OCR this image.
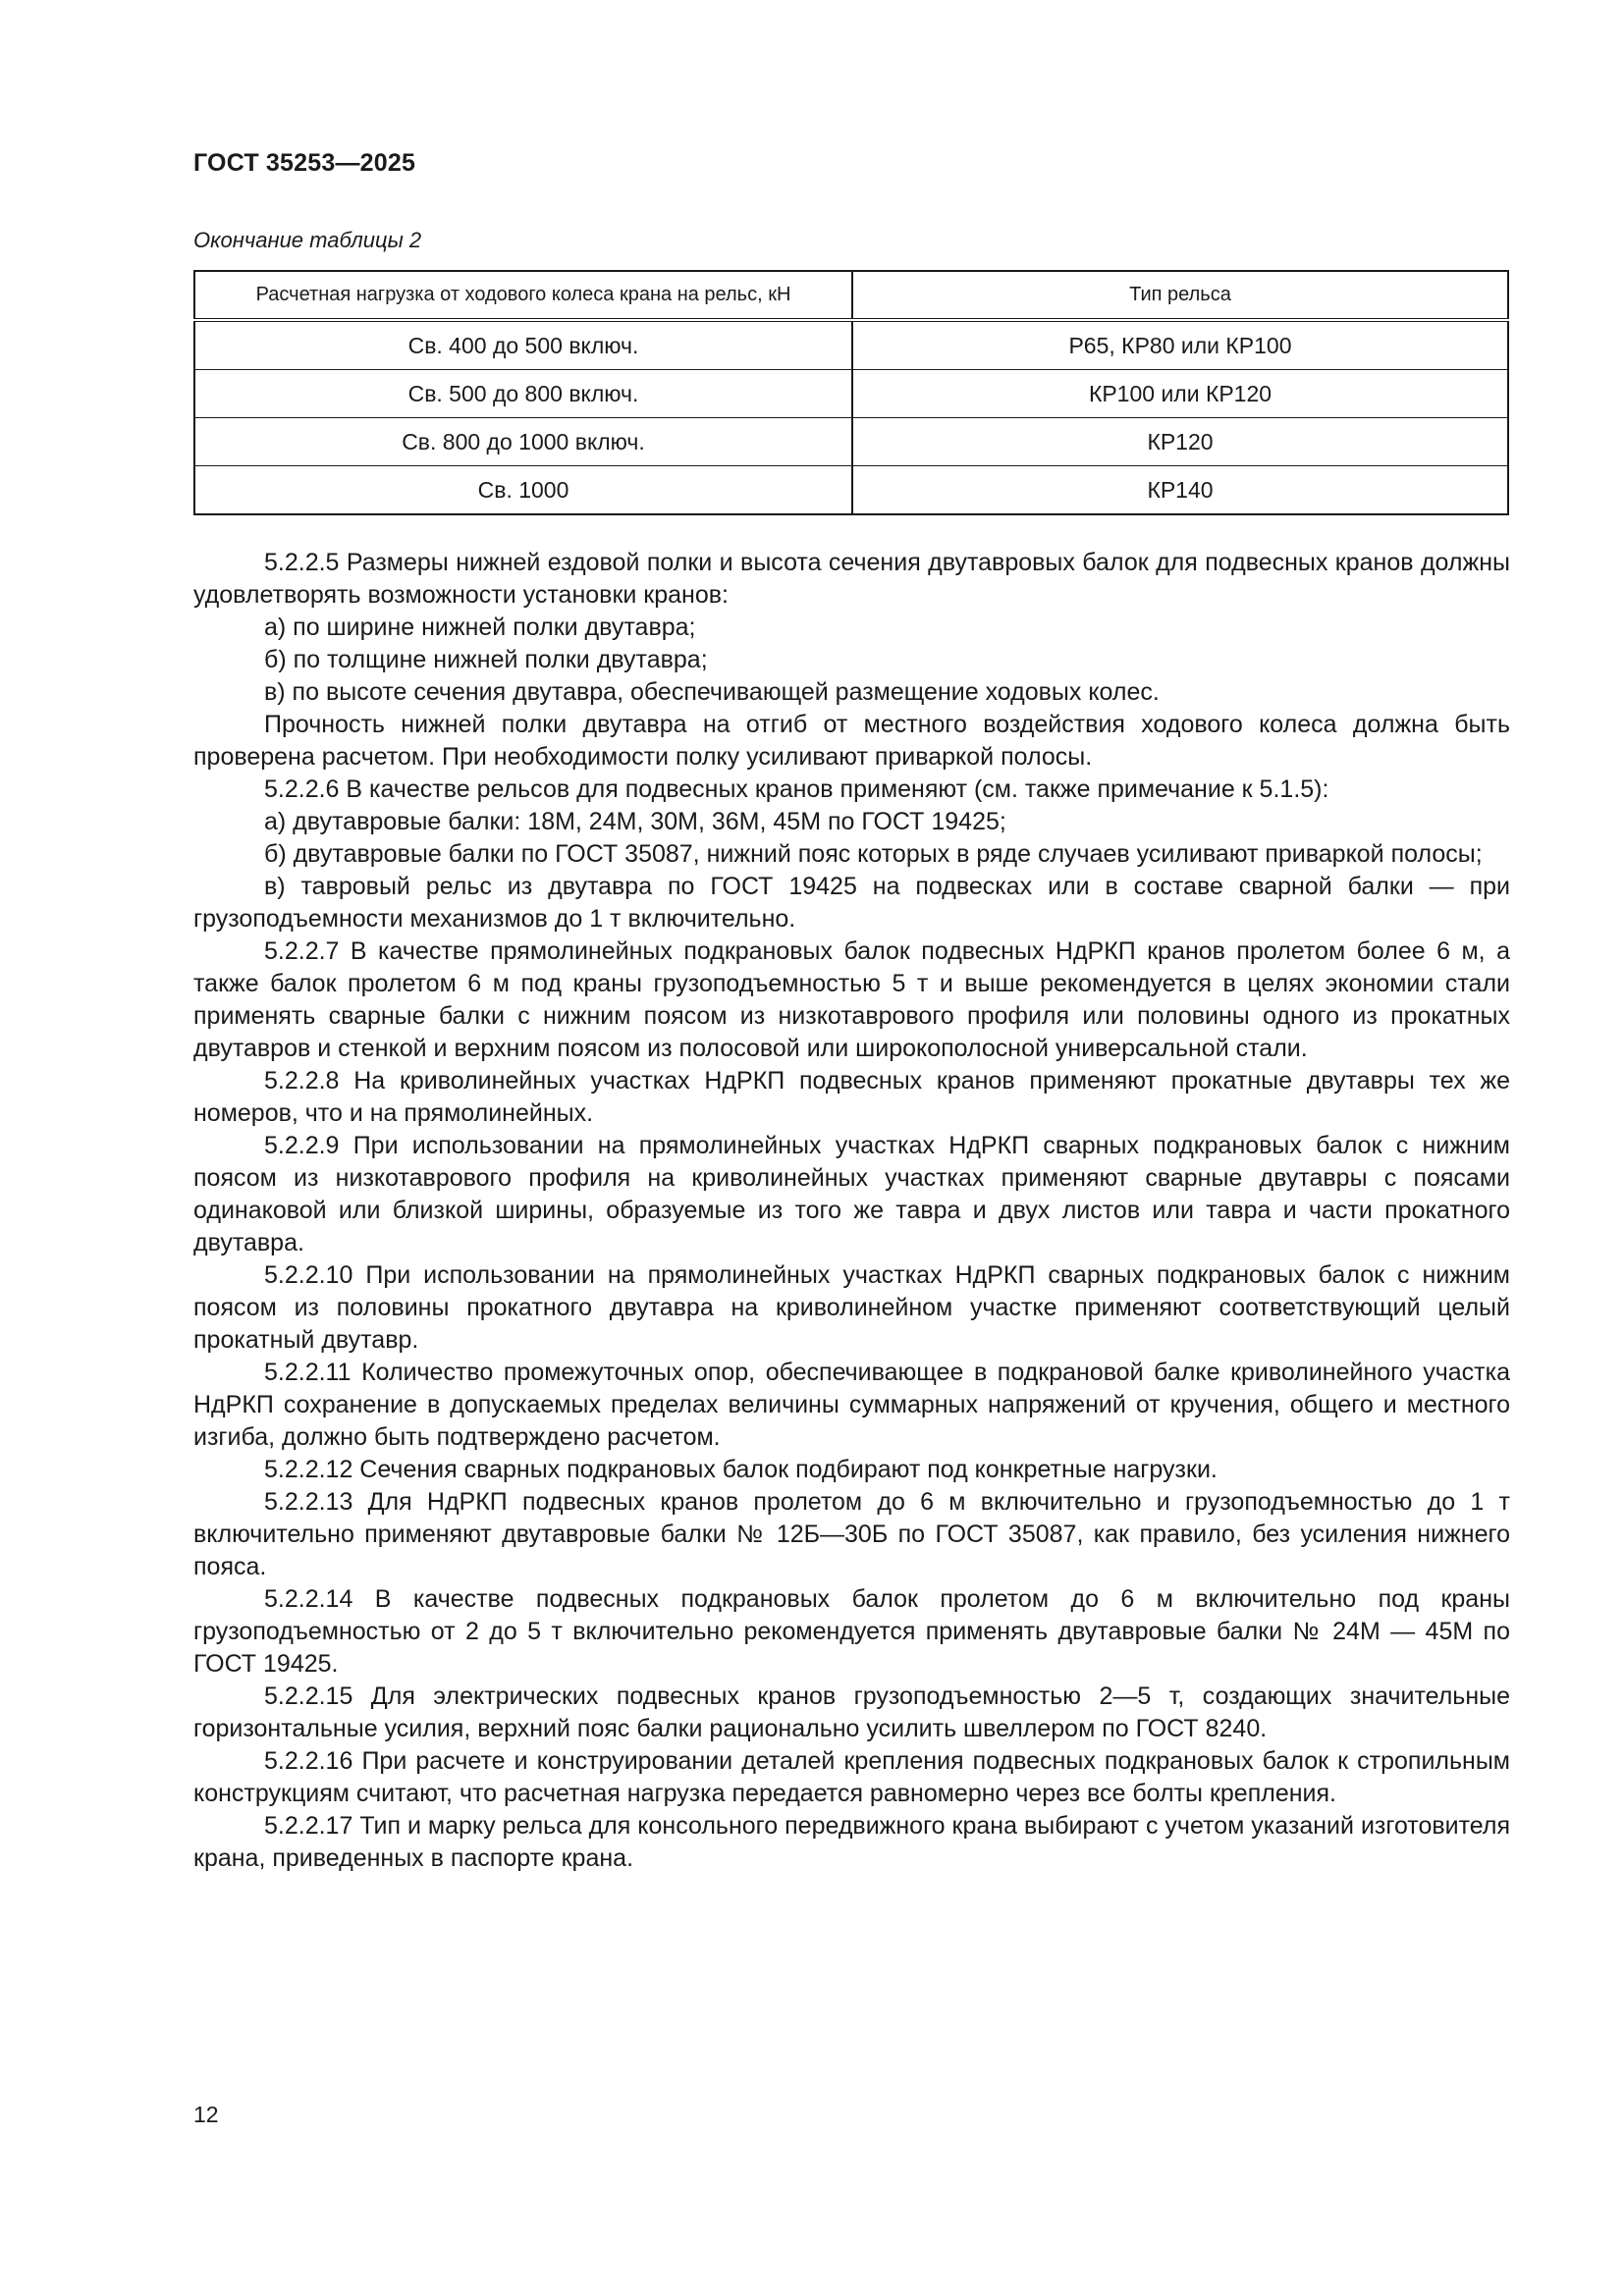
ГОСТ 35253—2025
Окончание таблицы 2
Расчетная нагрузка от ходового колеса крана на рельс, кН	Тип рельса
Св. 400 до 500 включ.	Р65, КР80 или КР100
Св. 500 до 800 включ.	КР100 или КР120
Св. 800 до 1000 включ.	КР120
Св. 1000	КР140

5.2.2.5 Размеры нижней ездовой полки и высота сечения двутавровых балок для подвесных кранов должны удовлетворять возможности установки кранов:

а) по ширине нижней полки двутавра;

б) по толщине нижней полки двутавра;

в) по высоте сечения двутавра, обеспечивающей размещение ходовых колес.

Прочность нижней полки двутавра на отгиб от местного воздействия ходового колеса должна быть проверена расчетом. При необходимости полку усиливают приваркой полосы.

5.2.2.6 В качестве рельсов для подвесных кранов применяют (см. также примечание к 5.1.5):

а) двутавровые балки: 18М, 24М, 30М, 36М, 45М по ГОСТ 19425;

б) двутавровые балки по ГОСТ 35087, нижний пояс которых в ряде случаев усиливают приваркой полосы;

в) тавровый рельс из двутавра по ГОСТ 19425 на подвесках или в составе сварной балки — при грузоподъемности механизмов до 1 т включительно.

5.2.2.7 В качестве прямолинейных подкрановых балок подвесных НдРКП кранов пролетом более 6 м, а также балок пролетом 6 м под краны грузоподъемностью 5 т и выше рекомендуется в целях экономии стали применять сварные балки с нижним поясом из низкотаврового профиля или половины одного из прокатных двутавров и стенкой и верхним поясом из полосовой или широкополосной универсальной стали.

5.2.2.8 На криволинейных участках НдРКП подвесных кранов применяют прокатные двутавры тех же номеров, что и на прямолинейных.

5.2.2.9 При использовании на прямолинейных участках НдРКП сварных подкрановых балок с нижним поясом из низкотаврового профиля на криволинейных участках применяют сварные двутавры с поясами одинаковой или близкой ширины, образуемые из того же тавра и двух листов или тавра и части прокатного двутавра.

5.2.2.10 При использовании на прямолинейных участках НдРКП сварных подкрановых балок с нижним поясом из половины прокатного двутавра на криволинейном участке применяют соответствующий целый прокатный двутавр.

5.2.2.11 Количество промежуточных опор, обеспечивающее в подкрановой балке криволинейного участка НдРКП сохранение в допускаемых пределах величины суммарных напряжений от кручения, общего и местного изгиба, должно быть подтверждено расчетом.

5.2.2.12 Сечения сварных подкрановых балок подбирают под конкретные нагрузки.

5.2.2.13 Для НдРКП подвесных кранов пролетом до 6 м включительно и грузоподъемностью до 1 т включительно применяют двутавровые балки № 12Б—30Б по ГОСТ 35087, как правило, без усиления нижнего пояса.

5.2.2.14 В качестве подвесных подкрановых балок пролетом до 6 м включительно под краны грузоподъемностью от 2 до 5 т включительно рекомендуется применять двутавровые балки № 24М — 45М по ГОСТ 19425.

5.2.2.15 Для электрических подвесных кранов грузоподъемностью 2—5 т, создающих значительные горизонтальные усилия, верхний пояс балки рационально усилить швеллером по ГОСТ 8240.

5.2.2.16 При расчете и конструировании деталей крепления подвесных подкрановых балок к стропильным конструкциям считают, что расчетная нагрузка передается равномерно через все болты крепления.

5.2.2.17 Тип и марку рельса для консольного передвижного крана выбирают с учетом указаний изготовителя крана, приведенных в паспорте крана.

12
